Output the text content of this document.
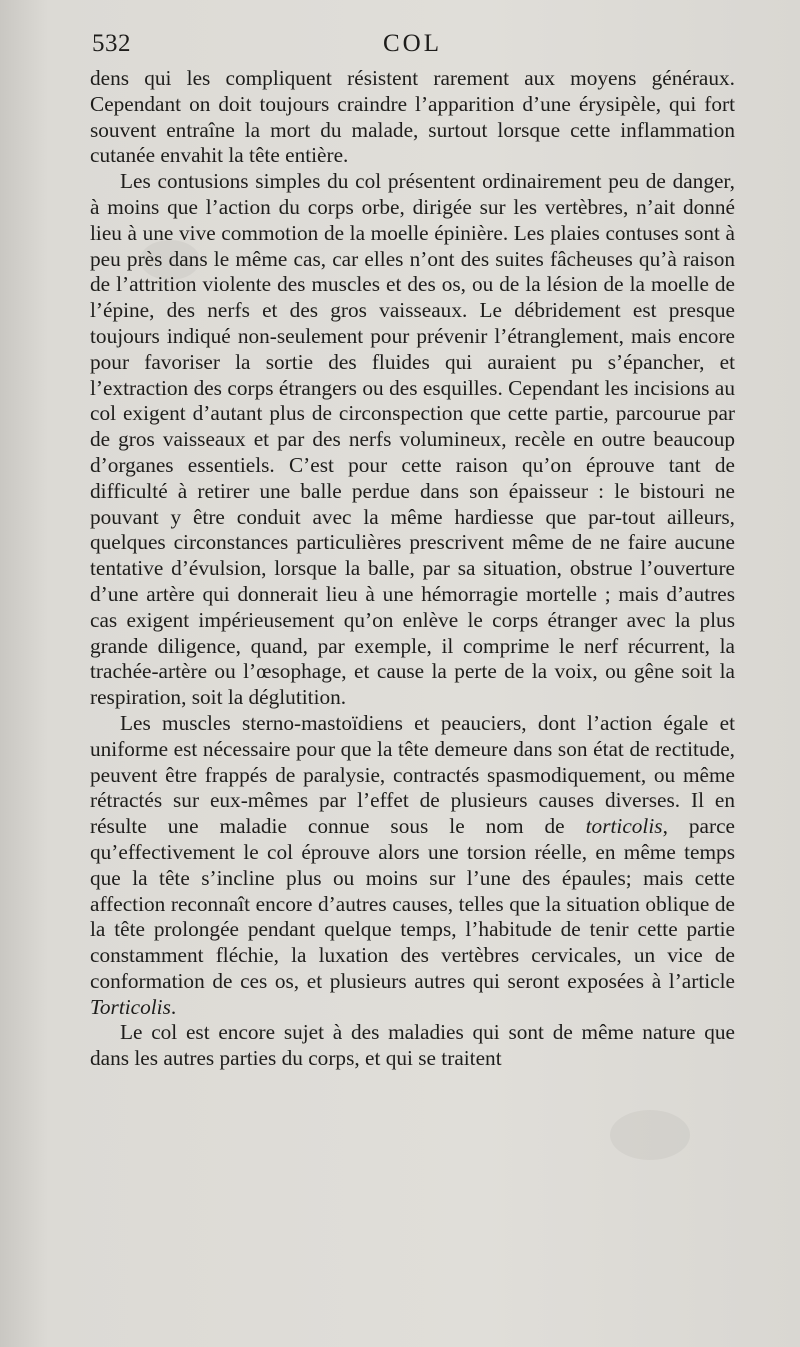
532	COL

dens qui les compliquent résistent rarement aux moyens généraux. Cependant on doit toujours craindre l’apparition d’une érysipèle, qui fort souvent entraîne la mort du malade, surtout lorsque cette inflammation cutanée envahit la tête entière.

Les contusions simples du col présentent ordinairement peu de danger, à moins que l’action du corps orbe, dirigée sur les vertèbres, n’ait donné lieu à une vive commotion de la moelle épinière. Les plaies contuses sont à peu près dans le même cas, car elles n’ont des suites fâcheuses qu’à raison de l’attrition violente des muscles et des os, ou de la lésion de la moelle de l’épine, des nerfs et des gros vaisseaux. Le débridement est presque toujours indiqué non-seulement pour prévenir l’étranglement, mais encore pour favoriser la sortie des fluides qui auraient pu s’épancher, et l’extraction des corps étrangers ou des esquilles. Cependant les incisions au col exigent d’autant plus de circonspection que cette partie, parcourue par de gros vaisseaux et par des nerfs volumineux, recèle en outre beaucoup d’organes essentiels. C’est pour cette raison qu’on éprouve tant de difficulté à retirer une balle perdue dans son épaisseur : le bistouri ne pouvant y être conduit avec la même hardiesse que par-tout ailleurs, quelques circonstances particulières prescrivent même de ne faire aucune tentative d’évulsion, lorsque la balle, par sa situation, obstrue l’ouverture d’une artère qui donnerait lieu à une hémorragie mortelle ; mais d’autres cas exigent impérieusement qu’on enlève le corps étranger avec la plus grande diligence, quand, par exemple, il comprime le nerf récurrent, la trachée-artère ou l’œsophage, et cause la perte de la voix, ou gêne soit la respiration, soit la déglutition.

Les muscles sterno-mastoïdiens et peauciers, dont l’action égale et uniforme est nécessaire pour que la tête demeure dans son état de rectitude, peuvent être frappés de paralysie, contractés spasmodiquement, ou même rétractés sur eux-mêmes par l’effet de plusieurs causes diverses. Il en résulte une maladie connue sous le nom de torticolis, parce qu’effectivement le col éprouve alors une torsion réelle, en même temps que la tête s’incline plus ou moins sur l’une des épaules; mais cette affection reconnaît encore d’autres causes, telles que la situation oblique de la tête prolongée pendant quelque temps, l’habitude de tenir cette partie constamment fléchie, la luxation des vertèbres cervicales, un vice de conformation de ces os, et plusieurs autres qui seront exposées à l’article Torticolis.

Le col est encore sujet à des maladies qui sont de même nature que dans les autres parties du corps, et qui se traitent
